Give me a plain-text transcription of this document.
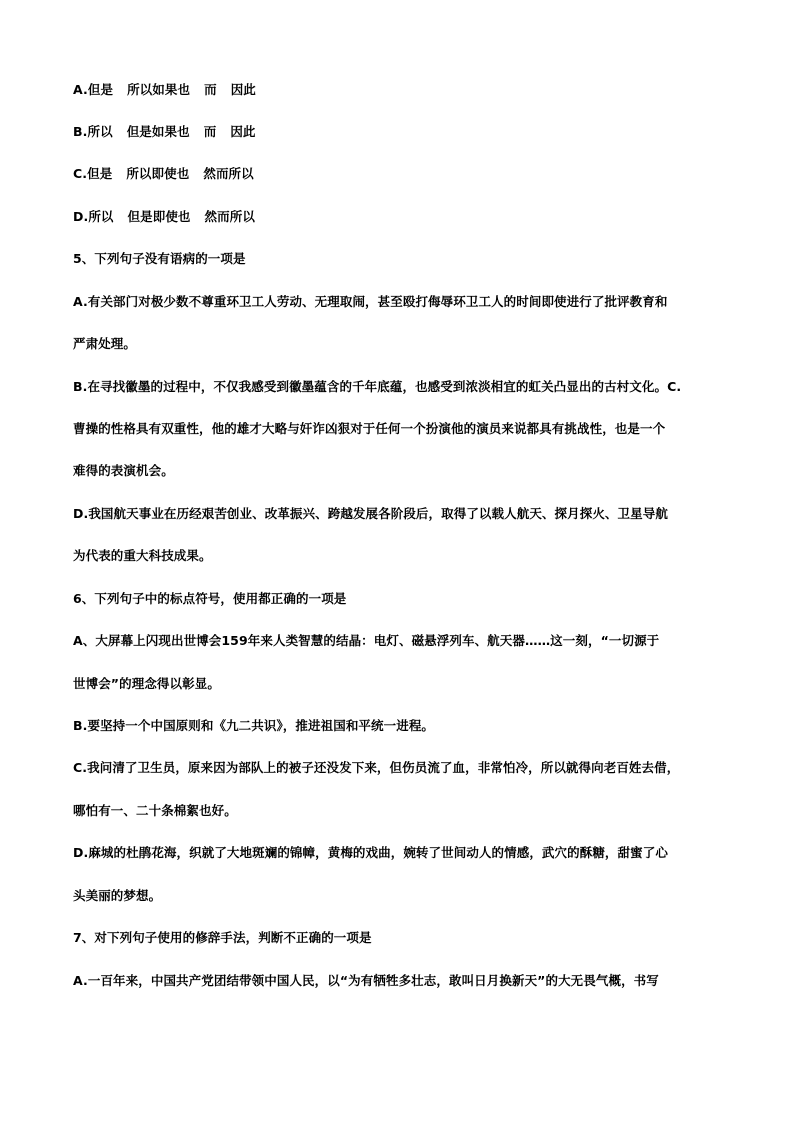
A.但是 所以如果也 而 因此
B.所以 但是如果也 而 因此
C.但是 所以即使也 然而所以
D.所以 但是即使也 然而所以
5、下列句子没有语病的一项是
A.有关部门对极少数不尊重环卫工人劳动、无理取闹，甚至殴打侮辱环卫工人的时间即使进行了批评教育和
严肃处理。
B.在寻找徽墨的过程中，不仅我感受到徽墨蕴含的千年底蕴，也感受到浓淡相宜的虹关凸显出的古村文化。C.
曹操的性格具有双重性，他的雄才大略与奸诈凶狠对于任何一个扮演他的演员来说都具有挑战性，也是一个
难得的表演机会。
D.我国航天事业在历经艰苦创业、改革振兴、跨越发展各阶段后，取得了以载人航天、探月探火、卫星导航
为代表的重大科技成果。
6、下列句子中的标点符号，使用都正确的一项是
A、大屏幕上闪现出世博会159年来人类智慧的结晶：电灯、磁悬浮列车、航天器……这一刻，“一切源于
世博会”的理念得以彰显。
B.要坚持一个中国原则和《九二共识》，推进祖国和平统一进程。
C.我问清了卫生员，原来因为部队上的被子还没发下来，但伤员流了血，非常怕冷，所以就得向老百姓去借，
哪怕有一、二十条棉絮也好。
D.麻城的杜鹃花海，织就了大地斑斓的锦幛，黄梅的戏曲，婉转了世间动人的情感，武穴的酥糖，甜蜜了心
头美丽的梦想。
7、对下列句子使用的修辞手法，判断不正确的一项是
A.一百年来，中国共产党团结带领中国人民，以“为有牺牲多壮志，敢叫日月换新天”的大无畏气概，书写
